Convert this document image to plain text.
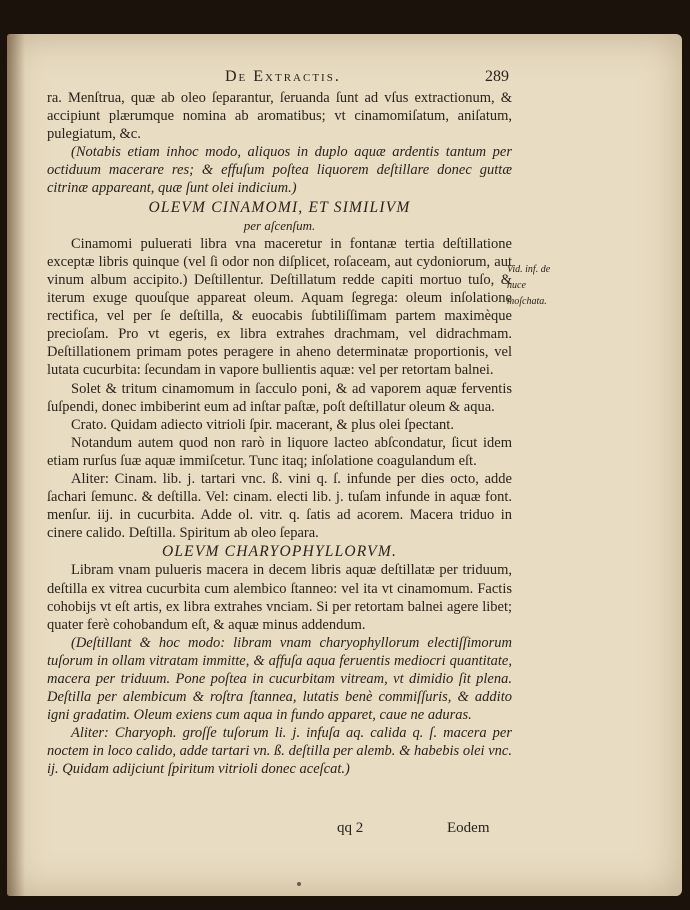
De Extractis.	289

ra. Menſtrua, quæ ab oleo ſeparantur, ſeruanda ſunt ad vſus extractionum, & accipiunt plærumque nomina ab aromatibus; vt cinamomiſatum, aniſatum, pulegiatum, &c.

(Notabis etiam inhoc modo, aliquos in duplo aquæ ardentis tantum per octiduum macerare res; & effuſum poſtea liquorem deſtillare donec guttæ citrinæ appareant, quæ ſunt olei indicium.)

OLEVM CINAMOMI, ET SIMILIVM
per aſcenſum.

Cinamomi puluerati libra vna maceretur in fontanæ tertia deſtillatione exceptæ libris quinque (vel ſi odor non diſplicet, roſaceam, aut cydoniorum, aut vinum album accipito.) Deſtillentur. Deſtillatum redde capiti mortuo tuſo, & iterum exuge quouſque appareat oleum. Aquam ſegrega: oleum inſolatione rectifica, vel per ſe deſtilla, & euocabis ſubtiliſſimam partem maximèque precioſam. Pro vt egeris, ex libra extrahes drachmam, vel didrachmam. Deſtillationem primam potes peragere in aheno determinatæ proportionis, vel lutata cucurbita: ſecundam in vapore bullientis aquæ: vel per retortam balnei.

Solet & tritum cinamomum in ſacculo poni, & ad vaporem aquæ ferventis ſuſpendi, donec imbiberint eum ad inſtar paſtæ, poſt deſtillatur oleum & aqua.

Crato. Quidam adiecto vitrioli ſpir. macerant, & plus olei ſpectant.

Notandum autem quod non rarò in liquore lacteo abſcondatur, ſicut idem etiam rurſus ſuæ aquæ immiſcetur. Tunc itaq; inſolatione coagulandum eſt.

Aliter: Cinam. lib. j. tartari vnc. ß. vini q. ſ. infunde per dies octo, adde ſachari ſemunc. & deſtilla. Vel: cinam. electi lib. j. tuſam infunde in aquæ font. menſur. iij. in cucurbita. Adde ol. vitr. q. ſatis ad acorem. Macera triduo in cinere calido. Deſtilla. Spiritum ab oleo ſepara.

OLEVM CHARYOPHYLLORVM.

Libram vnam pulueris macera in decem libris aquæ deſtillatæ per triduum, deſtilla ex vitrea cucurbita cum alembico ſtanneo: vel ita vt cinamomum. Factis cohobijs vt eſt artis, ex libra extrahes vnciam. Si per retortam balnei agere libet; quater ferè cohobandum eſt, & aquæ minus addendum.

(Deſtillant & hoc modo: libram vnam charyophyllorum electiſſimorum tuſorum in ollam vitratam immitte, & affuſa aqua feruentis mediocri quantitate, macera per triduum. Pone poſtea in cucurbitam vitream, vt dimidio ſit plena. Deſtilla per alembicum & roſtra ſtannea, lutatis benè commiſſuris, & addito igni gradatim. Oleum exiens cum aqua in fundo apparet, caue ne aduras.

Aliter: Charyoph. groſſe tuſorum li. j. infuſa aq. calida q. ſ. macera per noctem in loco calido, adde tartari vn. ß. deſtilla per alemb. & habebis olei vnc. ij. Quidam adijciunt ſpiritum vitrioli donec aceſcat.)

Vid. inf. de nuce moſchata.
qq 2	Eodem
